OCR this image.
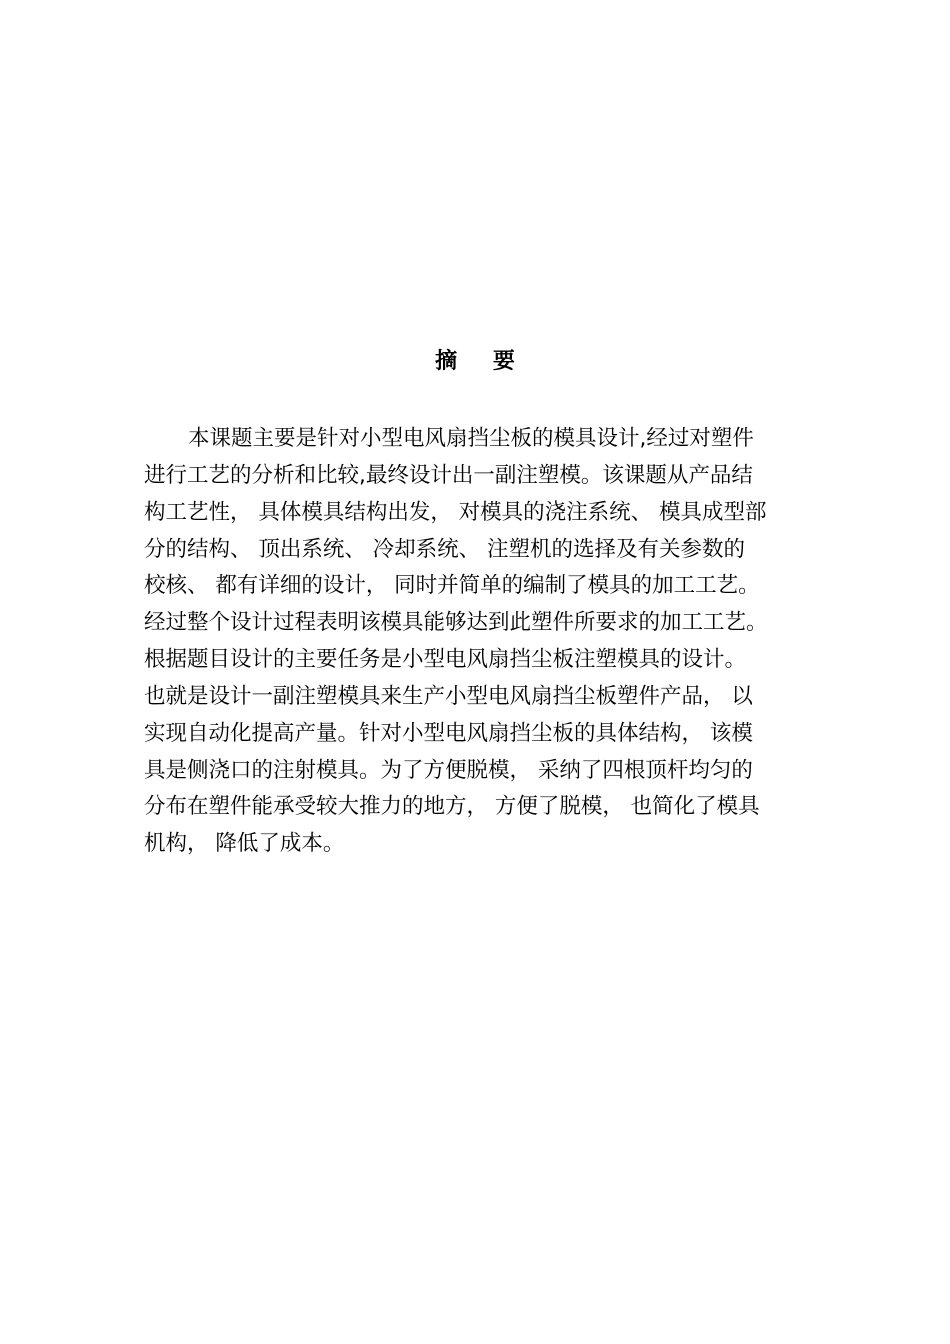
摘 要
本课题主要是针对小型电风扇挡尘板的模具设计,经过对塑件
进行工艺的分析和比较,最终设计出一副注塑模。该课题从产品结
构工艺性， 具体模具结构出发， 对模具的浇注系统、 模具成型部
分的结构、 顶出系统、 冷却系统、 注塑机的选择及有关参数的
校核、 都有详细的设计， 同时并简单的编制了模具的加工工艺。
经过整个设计过程表明该模具能够达到此塑件所要求的加工工艺。
根据题目设计的主要任务是小型电风扇挡尘板注塑模具的设计。
也就是设计一副注塑模具来生产小型电风扇挡尘板塑件产品， 以
实现自动化提高产量。针对小型电风扇挡尘板的具体结构， 该模
具是侧浇口的注射模具。为了方便脱模， 采纳了四根顶杆均匀的
分布在塑件能承受较大推力的地方， 方便了脱模， 也简化了模具
机构， 降低了成本。
